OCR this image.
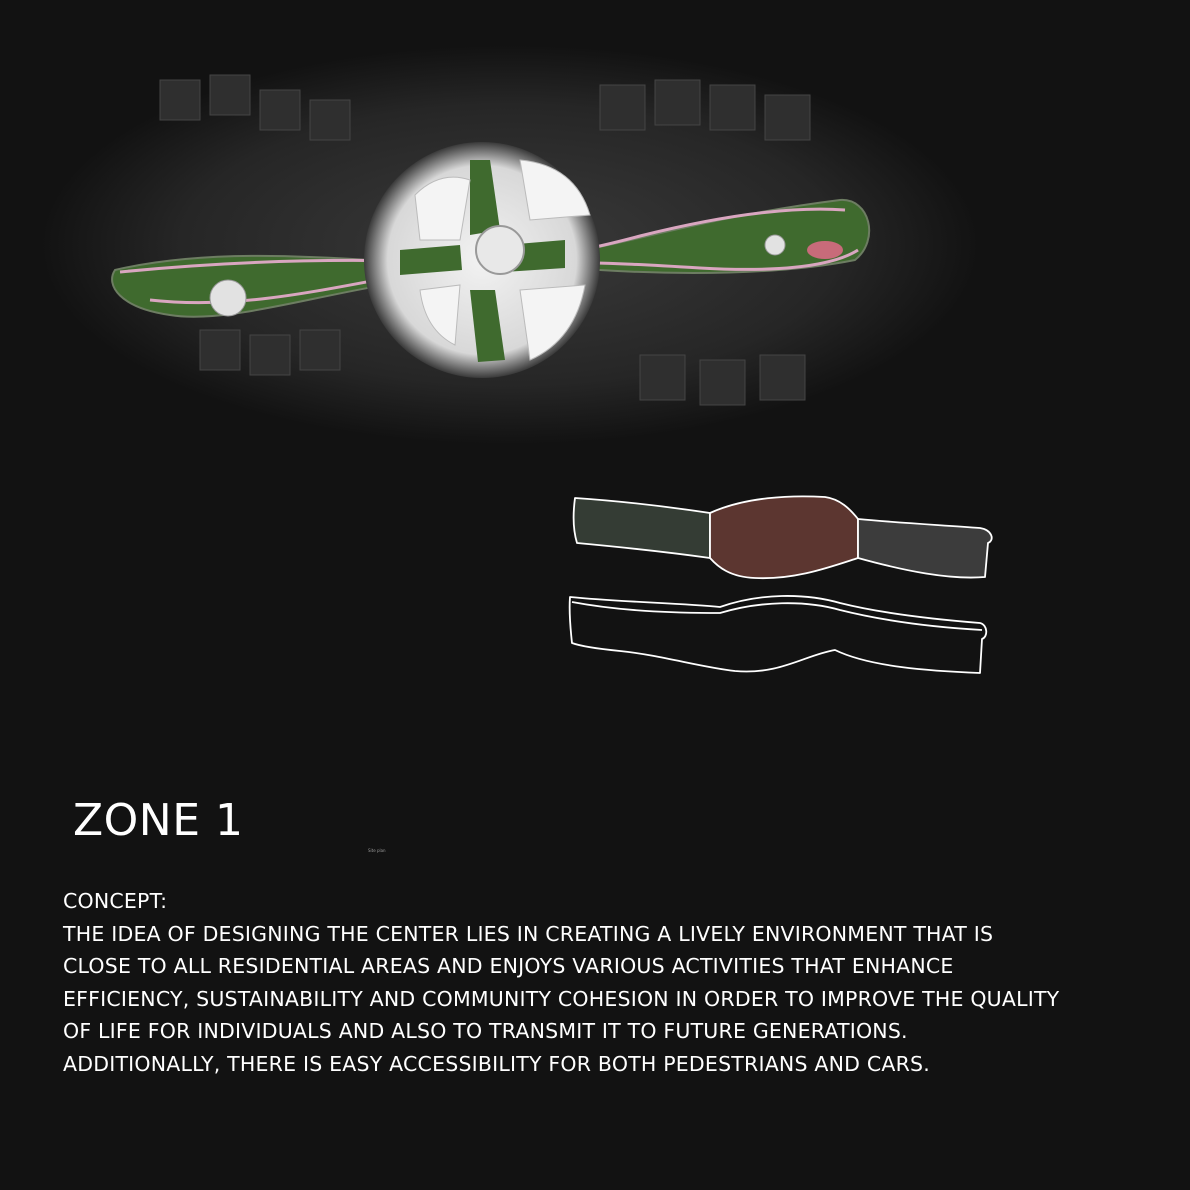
ZONE 1
Site plan

CONCEPT:

THE IDEA OF DESIGNING THE CENTER LIES IN CREATING A LIVELY ENVIRONMENT THAT IS CLOSE TO ALL RESIDENTIAL AREAS AND ENJOYS VARIOUS ACTIVITIES THAT ENHANCE EFFICIENCY, SUSTAINABILITY AND COMMUNITY COHESION IN ORDER TO IMPROVE THE QUALITY OF LIFE FOR INDIVIDUALS AND ALSO TO TRANSMIT IT TO FUTURE GENERATIONS. ADDITIONALLY, THERE IS EASY ACCESSIBILITY FOR BOTH PEDESTRIANS AND CARS.
